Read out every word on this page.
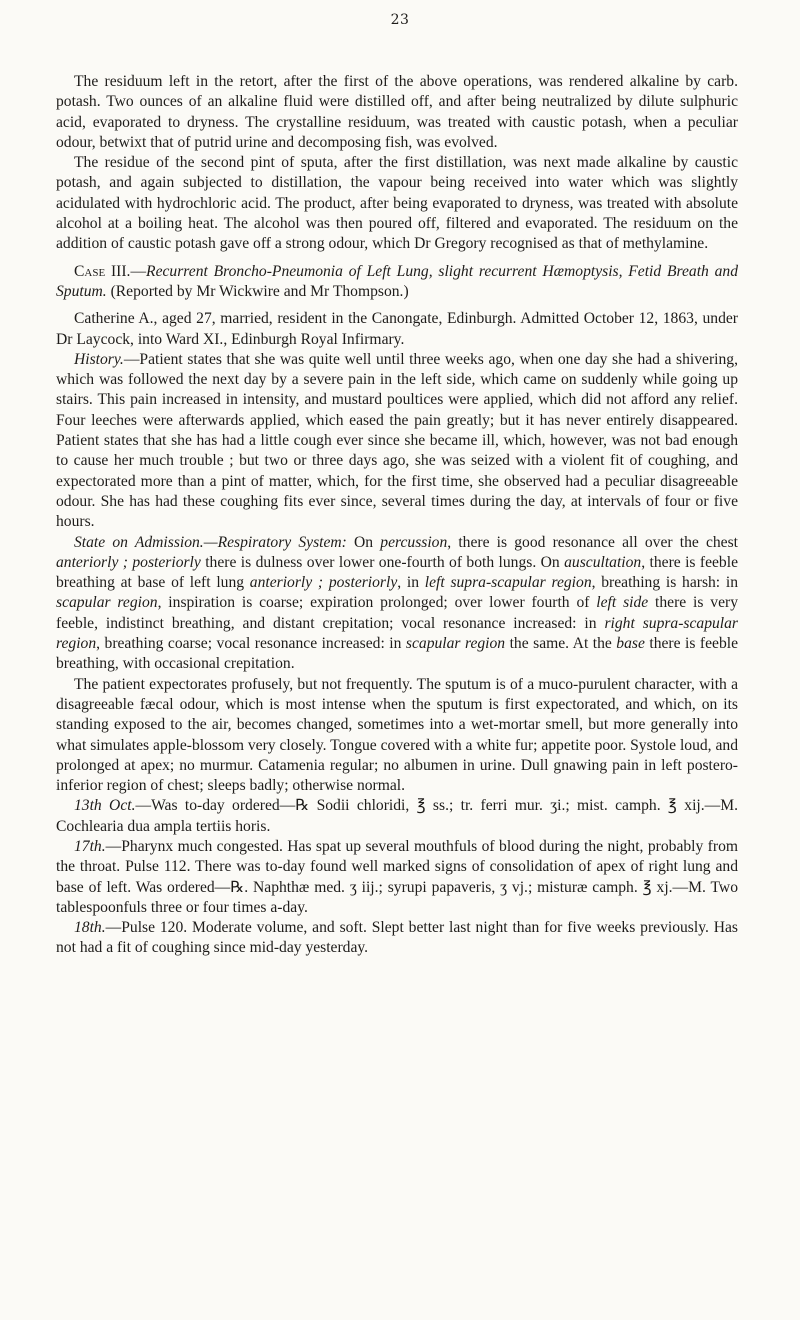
23

The residuum left in the retort, after the first of the above operations, was rendered alkaline by carb. potash. Two ounces of an alkaline fluid were distilled off, and after being neutralized by dilute sulphuric acid, evaporated to dryness. The crystalline residuum, was treated with caustic potash, when a peculiar odour, betwixt that of putrid urine and decomposing fish, was evolved.

The residue of the second pint of sputa, after the first distillation, was next made alkaline by caustic potash, and again subjected to distillation, the vapour being received into water which was slightly acidulated with hydrochloric acid. The product, after being evaporated to dryness, was treated with absolute alcohol at a boiling heat. The alcohol was then poured off, filtered and evaporated. The residuum on the addition of caustic potash gave off a strong odour, which Dr Gregory recognised as that of methylamine.

Case III.—Recurrent Broncho-Pneumonia of Left Lung, slight recurrent Hæmoptysis, Fetid Breath and Sputum. (Reported by Mr Wickwire and Mr Thompson.)

Catherine A., aged 27, married, resident in the Canongate, Edinburgh. Admitted October 12, 1863, under Dr Laycock, into Ward XI., Edinburgh Royal Infirmary.

History.—Patient states that she was quite well until three weeks ago, when one day she had a shivering, which was followed the next day by a severe pain in the left side, which came on suddenly while going up stairs. This pain increased in intensity, and mustard poultices were applied, which did not afford any relief. Four leeches were afterwards applied, which eased the pain greatly; but it has never entirely disappeared. Patient states that she has had a little cough ever since she became ill, which, however, was not bad enough to cause her much trouble ; but two or three days ago, she was seized with a violent fit of coughing, and expectorated more than a pint of matter, which, for the first time, she observed had a peculiar disagreeable odour. She has had these coughing fits ever since, several times during the day, at intervals of four or five hours.

State on Admission.—Respiratory System: On percussion, there is good resonance all over the chest anteriorly ; posteriorly there is dulness over lower one-fourth of both lungs. On auscultation, there is feeble breathing at base of left lung anteriorly ; posteriorly, in left supra-scapular region, breathing is harsh: in scapular region, inspiration is coarse; expiration prolonged; over lower fourth of left side there is very feeble, indistinct breathing, and distant crepitation; vocal resonance increased: in right supra-scapular region, breathing coarse; vocal resonance increased: in scapular region the same. At the base there is feeble breathing, with occasional crepitation.

The patient expectorates profusely, but not frequently. The sputum is of a muco-purulent character, with a disagreeable fæcal odour, which is most intense when the sputum is first expectorated, and which, on its standing exposed to the air, becomes changed, sometimes into a wet-mortar smell, but more generally into what simulates apple-blossom very closely. Tongue covered with a white fur; appetite poor. Systole loud, and prolonged at apex; no murmur. Catamenia regular; no albumen in urine. Dull gnawing pain in left postero-inferior region of chest; sleeps badly; otherwise normal.

13th Oct.—Was to-day ordered—℞ Sodii chloridi, ℥ ss.; tr. ferri mur. ʒi.; mist. camph. ℥ xij.—M. Cochlearia dua ampla tertiis horis.

17th.—Pharynx much congested. Has spat up several mouthfuls of blood during the night, probably from the throat. Pulse 112. There was to-day found well marked signs of consolidation of apex of right lung and base of left. Was ordered—℞. Naphthæ med. ʒ iij.; syrupi papaveris, ʒ vj.; misturæ camph. ℥ xj.—M. Two tablespoonfuls three or four times a-day.

18th.—Pulse 120. Moderate volume, and soft. Slept better last night than for five weeks previously. Has not had a fit of coughing since mid-day yesterday.
